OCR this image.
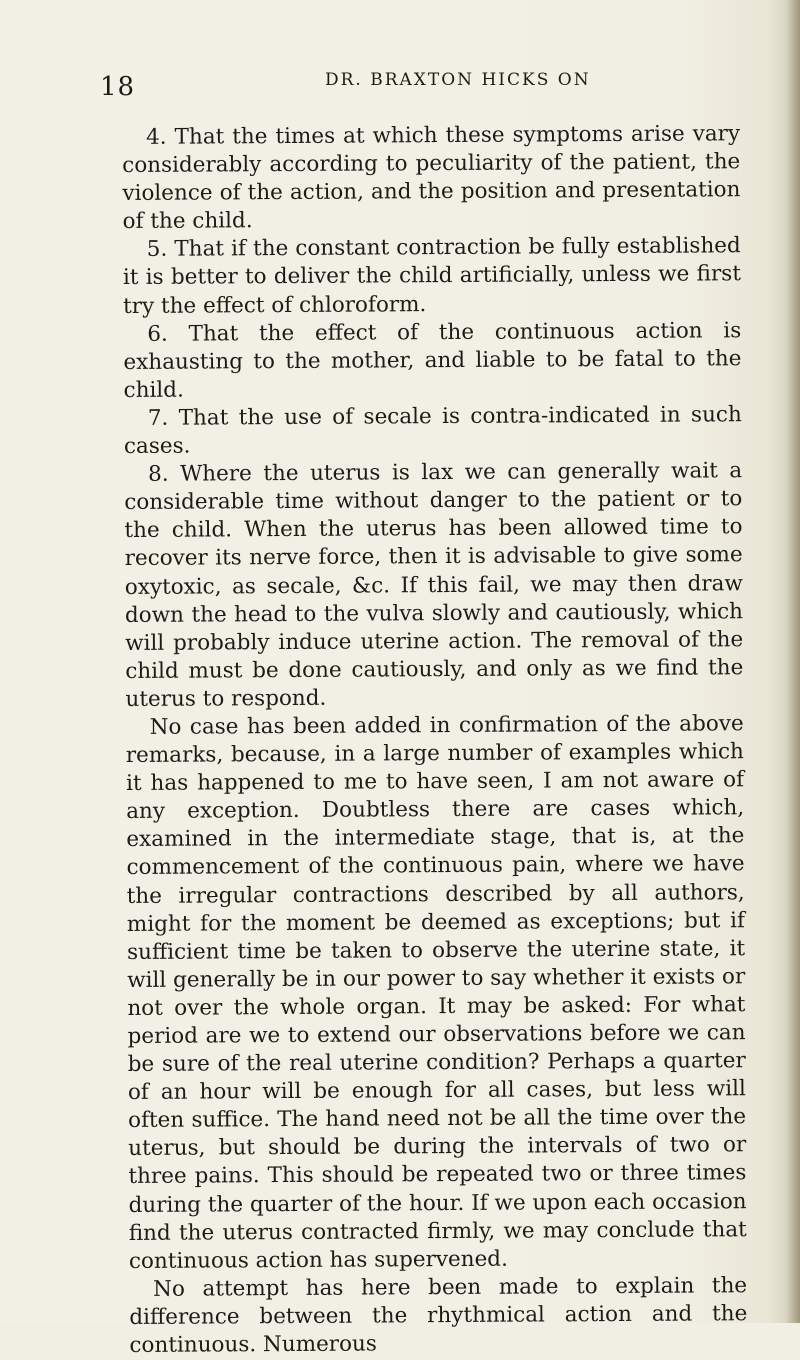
18	DR. BRAXTON HICKS ON

4. That the times at which these symptoms arise vary considerably according to peculiarity of the patient, the violence of the action, and the position and presentation of the child.

5. That if the constant contraction be fully established it is better to deliver the child artificially, unless we first try the effect of chloroform.

6. That the effect of the continuous action is exhausting to the mother, and liable to be fatal to the child.

7. That the use of secale is contra-indicated in such cases.

8. Where the uterus is lax we can generally wait a considerable time without danger to the patient or to the child. When the uterus has been allowed time to recover its nerve force, then it is advisable to give some oxytoxic, as secale, &c. If this fail, we may then draw down the head to the vulva slowly and cautiously, which will probably induce uterine action. The removal of the child must be done cautiously, and only as we find the uterus to respond.

No case has been added in confirmation of the above remarks, because, in a large number of examples which it has happened to me to have seen, I am not aware of any exception. Doubtless there are cases which, examined in the intermediate stage, that is, at the commencement of the continuous pain, where we have the irregular contractions described by all authors, might for the moment be deemed as exceptions; but if sufficient time be taken to observe the uterine state, it will generally be in our power to say whether it exists or not over the whole organ. It may be asked: For what period are we to extend our observations before we can be sure of the real uterine condition? Perhaps a quarter of an hour will be enough for all cases, but less will often suffice. The hand need not be all the time over the uterus, but should be during the intervals of two or three pains. This should be repeated two or three times during the quarter of the hour. If we upon each occasion find the uterus contracted firmly, we may conclude that continuous action has supervened.

No attempt has here been made to explain the difference between the rhythmical action and the continuous. Numerous
